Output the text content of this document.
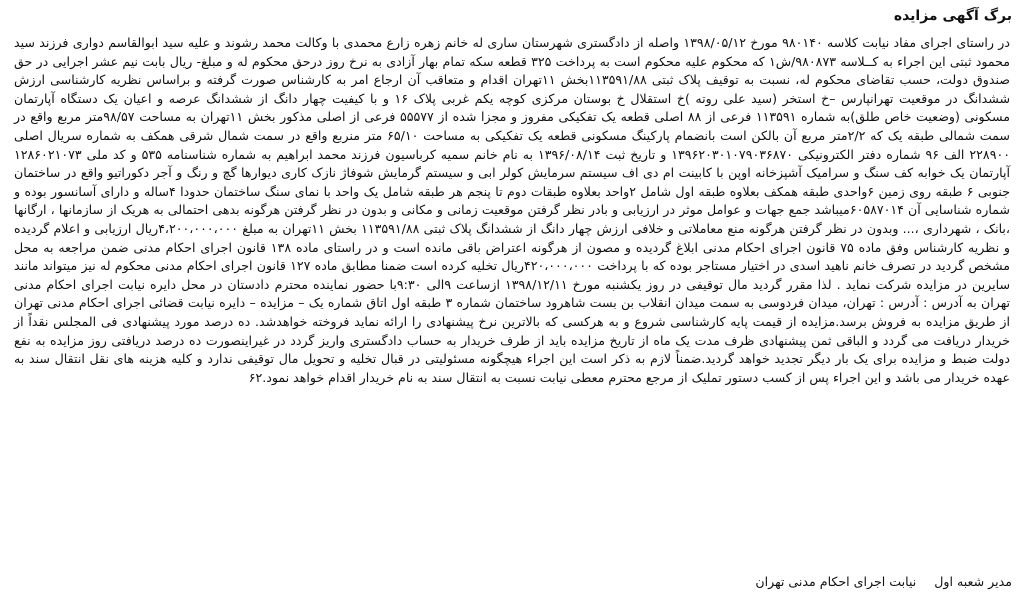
برگ آگهی مزایده

در راستای اجرای مفاد نیابت کلاسه ۹۸۰۱۴۰ مورخ ۱۳۹۸/۰۵/۱۲ واصله از دادگستری شهرستان ساری له خانم زهره زارع محمدی با وکالت محمد رشوند و علیه سید ابوالقاسم دواری فرزند سید محمود ثبتی این اجراء به کــلاسه ۹۸۰۸۷۳/ش۱ که محکوم علیه محکوم است به پرداخت ۳۲۵ قطعه سکه تمام بهار آزادی به نرخ روز درحق محکوم له و مبلغ- ریال بابت نیم عشر اجرایی در حق صندوق دولت، حسب تقاضای محکوم له، نسبت به توقیف پلاک ثبتی ۱۱۳۵۹۱/۸۸بخش ۱۱تهران اقدام و متعاقب آن ارجاع امر به کارشناس صورت گرفته و براساس نظریه کارشناسی ارزش ششدانگ در موقعیت تهرانپارس –خ استخر (سید علی روته )خ استقلال خ بوستان مرکزی کوچه یکم غربی پلاک ۱۶ و با کیفیت چهار دانگ از ششدانگ عرصه و اعیان یک دستگاه آپارتمان مسکونی (وضعیت خاص طلق)به شماره ۱۱۳۵۹۱ فرعی از ۸۸ اصلی قطعه یک تفکیکی مفروز و مجزا شده از ۵۵۵۷۷ فرعی از اصلی مذکور بخش ۱۱تهران به مساحت ۹۸/۵۷متر مربع واقع در سمت شمالی طبقه یک که ۲/۲متر مربع آن بالکن است بانضمام پارکینگ مسکونی قطعه یک تفکیکی به مساحت ۶۵/۱۰ متر منربع واقع در سمت شمال شرقی همکف به شماره سریال اصلی ۲۲۸۹۰۰ الف ۹۶ شماره دفتر الکترونیکی ۱۳۹۶۲۰۳۰۱۰۷۹۰۳۶۸۷۰ و تاریخ ثبت ۱۳۹۶/۰۸/۱۴ به نام خانم سمیه کرباسیون فرزند محمد ابراهیم به شماره شناسنامه ۵۳۵ و کد ملی ۱۲۸۶۰۲۱۰۷۳ آپارتمان یک خوابه کف سنگ و سرامیک آشپزخانه اوپن با کابینت ام دی اف سیستم سرمایش کولر ابی و سیستم گرمایش شوفاژ نازک کاری دیوارها گچ و رنگ و آجر دکوراتیو واقع در ساختمان جنوبی ۶ طبقه روی زمین ۶واحدی طبقه همکف بعلاوه طبقه اول شامل ۲واحد بعلاوه طبقات دوم تا پنجم هر طبقه شامل یک واحد با نمای سنگ ساختمان حدودا ۴ساله و دارای آسانسور بوده و شماره شناسایی آن ۶۰۵۸۷۰۱۴میباشد جمع جهات و عوامل موثر در ارزیابی و بادر نظر گرفتن موقعیت زمانی و مکانی و بدون در نظر گرفتن هرگونه بدهی احتمالی به هریک از سازمانها ، ارگانها ،بانک ، شهرداری ،... وبدون در نظر گرفتن هرگونه منع معاملاتی و خلافی ارزش چهار دانگ از ششدانگ پلاک ثبتی ۱۱۳۵۹۱/۸۸ بخش ۱۱تهران به مبلغ ۴،۲۰۰،۰۰۰،۰۰۰ریال ارزیابی و اعلام گردیده و نظریه کارشناس وفق ماده ۷۵ قانون اجرای احکام مدنی ابلاغ گردیده و مصون از هرگونه اعتراض باقی مانده است و در راستای ماده ۱۳۸ قانون اجرای احکام مدنی ضمن مراجعه به محل مشخص گردید در تصرف خانم ناهید اسدی در اختیار مستاجر بوده که با پرداخت ۴۲۰،۰۰۰،۰۰۰ریال تخلیه کرده است ضمنا مطابق ماده ۱۲۷ قانون اجرای احکام مدنی محکوم له نیز میتواند مانند سایرین در مزایده شرکت نماید . لذا مقرر گردید مال توقیفی در روز یکشنبه مورخ ۱۳۹۸/۱۲/۱۱ ازساعت ۹الی ۹:۳۰با حضور نماینده محترم دادستان در محل دایره نیابت اجرای احکام مدنی تهران به آدرس : آدرس : تهران، میدان فردوسی به سمت میدان انقلاب بن بست شاهرود ساختمان شماره ۳ طبقه اول اتاق شماره یک – مزایده – دایره نیابت قضائی اجرای احکام مدنی تهران از طریق مزایده به فروش برسد.مزایده از قیمت پایه کارشناسی شروع و به هرکسی که بالاترین نرخ پیشنهادی را ارائه نماید فروخته خواهدشد. ده درصد مورد پیشنهادی فی المجلس نقداً از خریدار دریافت می گردد و الباقی ثمن پیشنهادی ظرف مدت یک ماه از تاریخ مزایده باید از طرف خریدار به حساب دادگستری واریز گردد در غیراینصورت ده درصد دریافتی روز مزایده به نفع دولت ضبط و مزایده برای یک بار دیگر تجدید خواهد گردید.ضمناً لازم به ذکر است این اجراء هیچگونه مسئولیتی در قبال تخلیه و تحویل مال توقیفی ندارد و کلیه هزینه های نقل انتقال سند به عهده خریدار می باشد و این اجراء پس از کسب دستور تملیک از مرجع محترم معطی نیابت نسبت به انتقال سند به نام خریدار اقدام خواهد نمود.۶۲

مدیر شعبه اول
نیابت اجرای احکام مدنی تهران
